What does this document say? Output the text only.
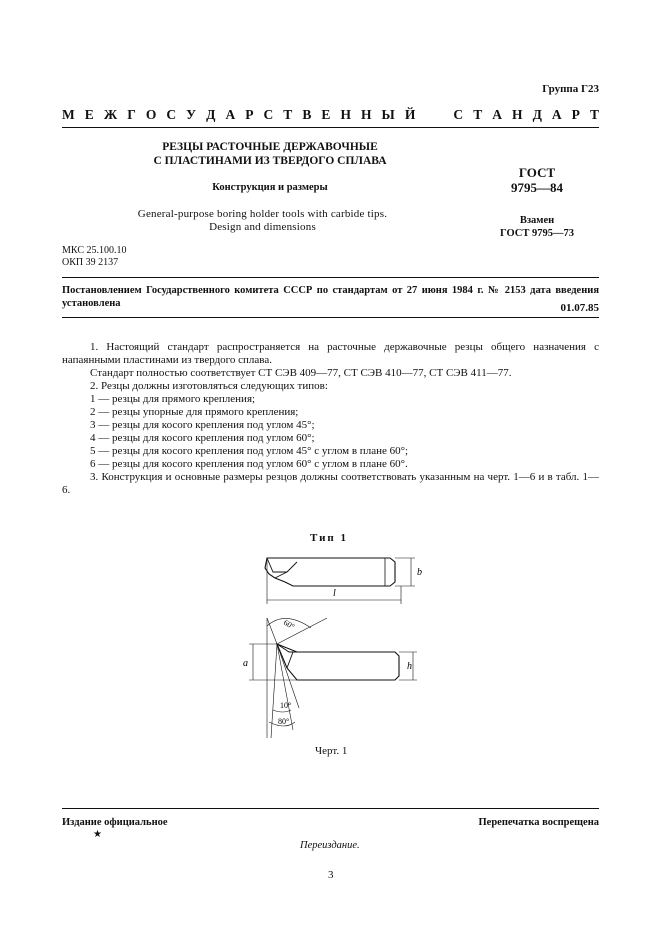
Группа Г23
М Е Ж Г О С У Д А Р С Т В Е Н Н Ы Й	С Т А Н Д А Р Т
РЕЗЦЫ РАСТОЧНЫЕ ДЕРЖАВОЧНЫЕ
С ПЛАСТИНАМИ ИЗ ТВЕРДОГО СПЛАВА
Конструкция и размеры
General-purpose boring holder tools with carbide tips.
Design and dimensions
ГОСТ
9795—84
Взамен
ГОСТ 9795—73
МКС 25.100.10
ОКП 39 2137
Постановлением Государственного комитета СССР по стандартам от 27 июня 1984 г. № 2153 дата введения установлена	01.07.85

1. Настоящий стандарт распространяется на расточные державочные резцы общего назначения с напаянными пластинами из твердого сплава.

Стандарт полностью соответствует СТ СЭВ 409—77, СТ СЭВ 410—77, СТ СЭВ 411—77.

2. Резцы должны изготовляться следующих типов:

1 — резцы для прямого крепления;

2 — резцы упорные для прямого крепления;

3 — резцы для косого крепления под углом 45°;

4 — резцы для косого крепления под углом 60°;

5 — резцы для косого крепления под углом 45° с углом в плане 60°;

6 — резцы для косого крепления под углом 60° с углом в плане 60°.

3. Конструкция и основные размеры резцов должны соответствовать указанным на черт. 1—6 и в табл. 1—6.

Тип 1
l
b
h
a
60°
10°
80°
Черт. 1
Издание официальное
★
Перепечатка воспрещена
Переиздание.
3
